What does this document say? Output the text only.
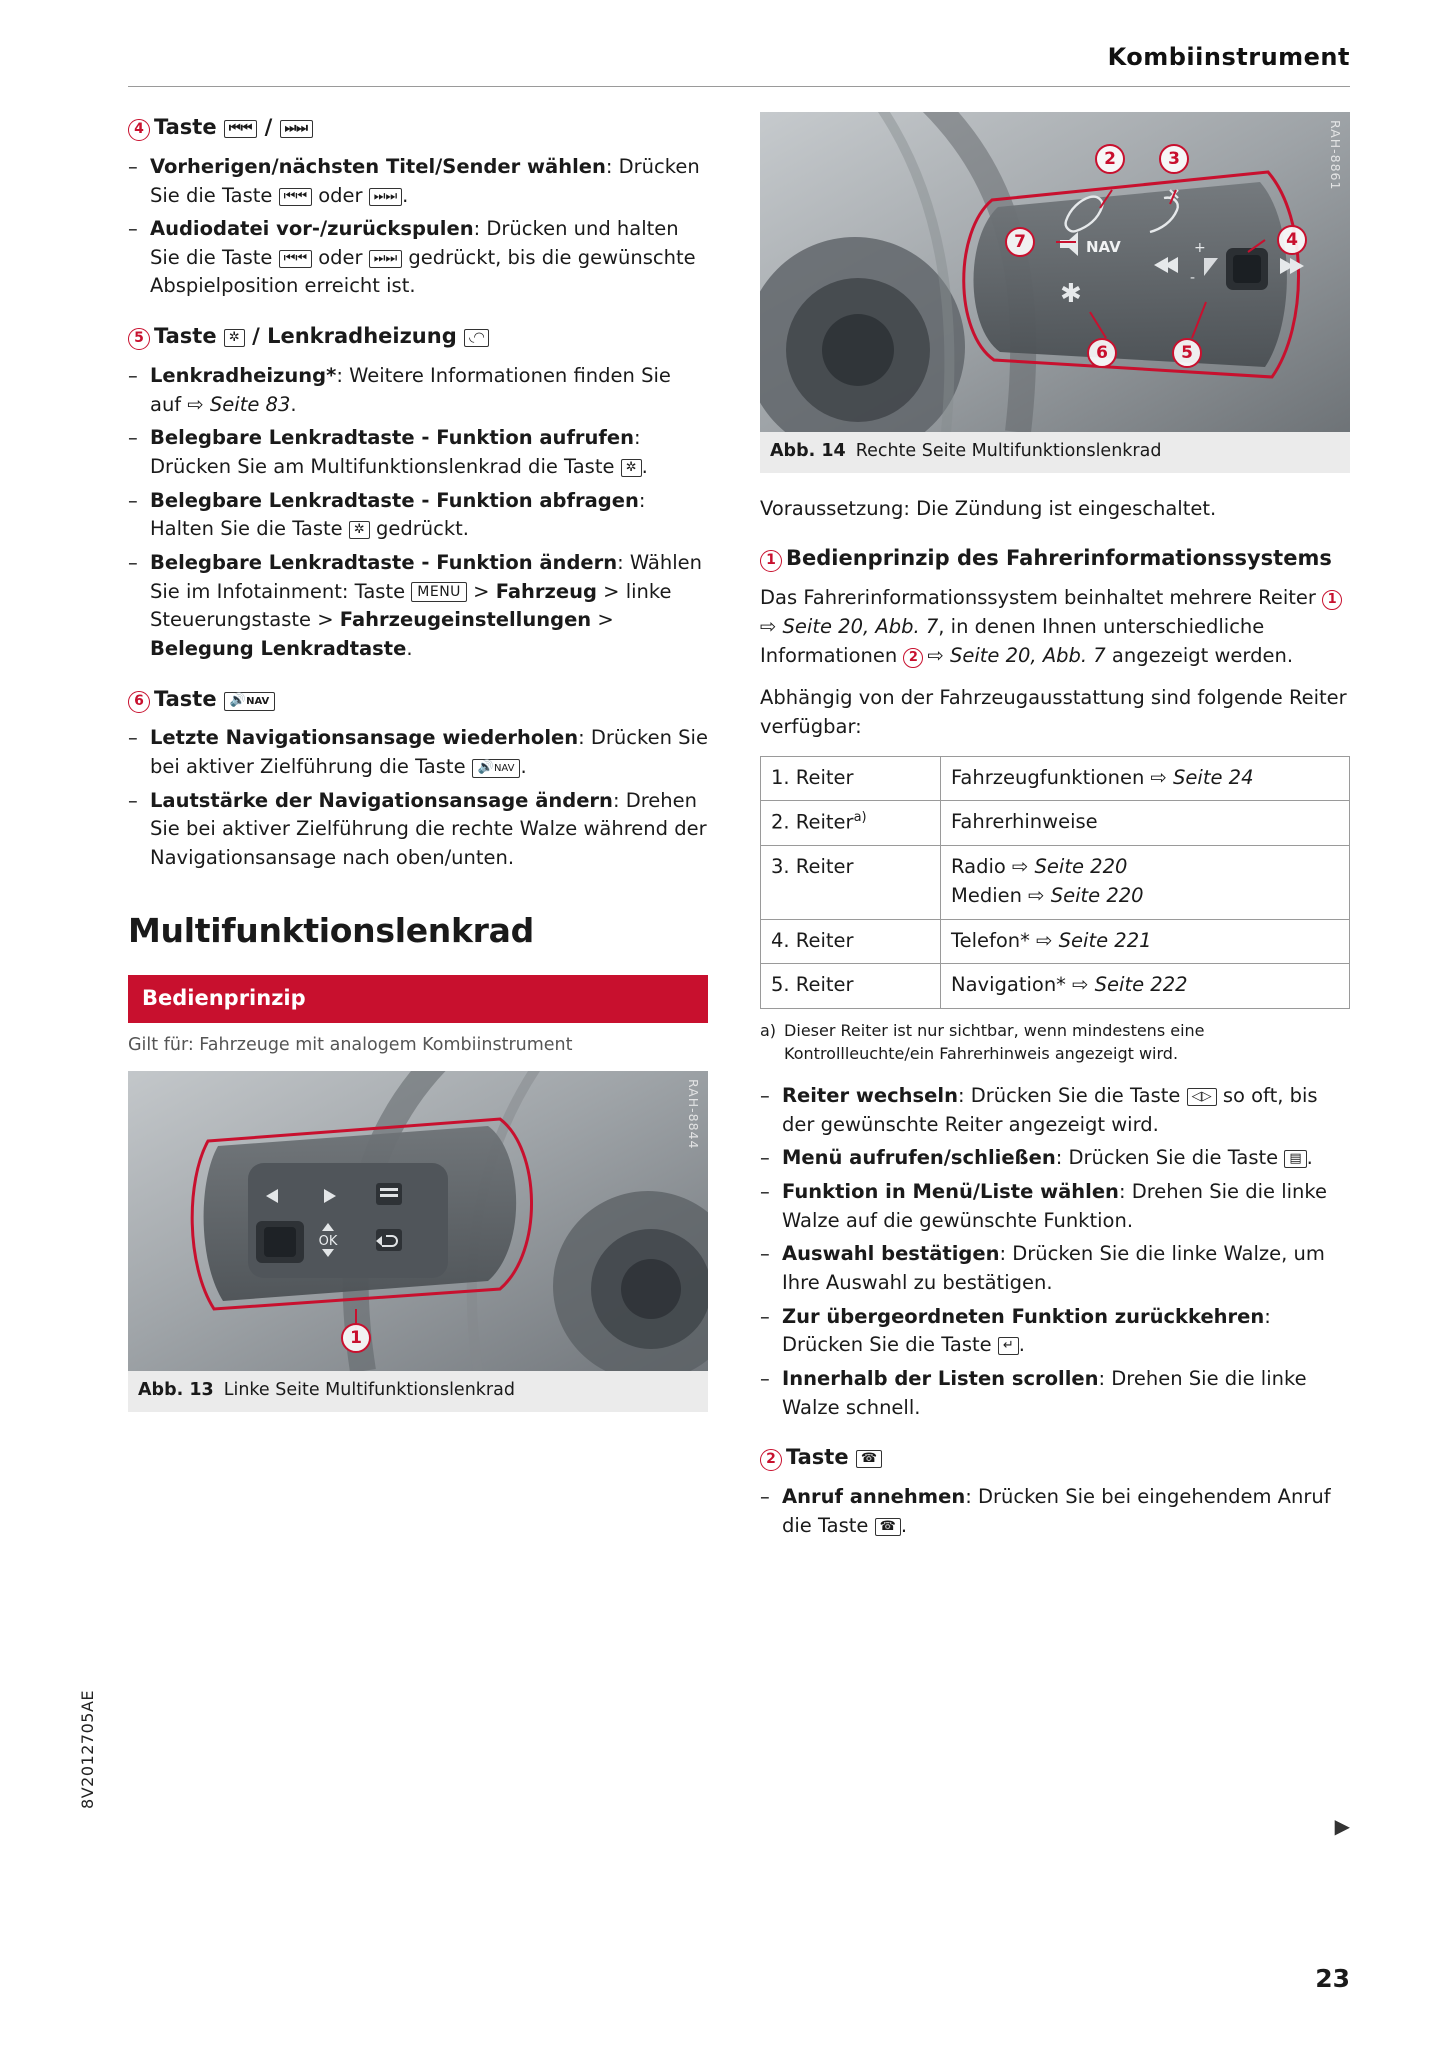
Kombiinstrument
4 Taste ⏮⏮ / ⏭⏭
– Vorherigen/nächsten Titel/Sender wählen: Drücken Sie die Taste ⏮⏮ oder ⏭⏭ .
– Audiodatei vor-/zurückspulen: Drücken und halten Sie die Taste ⏮⏮ oder ⏭⏭ gedrückt, bis die gewünschte Abspielposition erreicht ist.
5 Taste ✲ / Lenkradheizung ◟◠
– Lenkradheizung*: Weitere Informationen finden Sie auf ⇨ Seite 83.
– Belegbare Lenkradtaste - Funktion aufrufen: Drücken Sie am Multifunktionslenkrad die Taste ✲ .
– Belegbare Lenkradtaste - Funktion abfragen: Halten Sie die Taste ✲ gedrückt.
– Belegbare Lenkradtaste - Funktion ändern: Wählen Sie im Infotainment: Taste MENU > Fahrzeug > linke Steuerungstaste > Fahrzeugeinstellungen > Belegung Lenkradtaste.
6 Taste 🔊NAV
– Letzte Navigationsansage wiederholen: Drücken Sie bei aktiver Zielführung die Taste 🔊NAV .
– Lautstärke der Navigationsansage ändern: Drehen Sie bei aktiver Zielführung die rechte Walze während der Navigationsansage nach oben/unten.
Multifunktionslenkrad
Bedienprinzip
Gilt für: Fahrzeuge mit analogem Kombiinstrument
OK
RAH-8844
1
Abb. 13 Linke Seite Multifunktionslenkrad
NAV
✱
+
-
RAH-8861
2	3
4
5
6
7
Abb. 14 Rechte Seite Multifunktionslenkrad

Voraussetzung: Die Zündung ist eingeschaltet.

1 Bedienprinzip des Fahrerinformationssystems

Das Fahrerinformationssystem beinhaltet mehrere Reiter 1⇨ Seite 20, Abb. 7, in denen Ihnen unterschiedliche Informationen 2 ⇨ Seite 20, Abb. 7 angezeigt werden.

Abhängig von der Fahrzeugausstattung sind folgende Reiter verfügbar:

1. Reiter	Fahrzeugfunktionen ⇨ Seite 24
2. Reiter$^{a)}$	Fahrerhinweise
3. Reiter	Radio ⇨ Seite 220
Medien ⇨ Seite 220
4. Reiter	Telefon* ⇨ Seite 221
5. Reiter	Navigation* ⇨ Seite 222
a) Dieser Reiter ist nur sichtbar, wenn mindestens eine Kontrollleuchte/ein Fahrerhinweis angezeigt wird.
– Reiter wechseln: Drücken Sie die Taste ◁▷ so oft, bis der gewünschte Reiter angezeigt wird.
– Menü aufrufen/schließen: Drücken Sie die Taste ▤ .
– Funktion in Menü/Liste wählen: Drehen Sie die linke Walze auf die gewünschte Funktion.
– Auswahl bestätigen: Drücken Sie die linke Walze, um Ihre Auswahl zu bestätigen.
– Zur übergeordneten Funktion zurückkehren: Drücken Sie die Taste ↵ .
– Innerhalb der Listen scrollen: Drehen Sie die linke Walze schnell.
2 Taste ☎
– Anruf annehmen: Drücken Sie bei eingehendem Anruf die Taste ☎ .
▶
8V2012705AE
23
